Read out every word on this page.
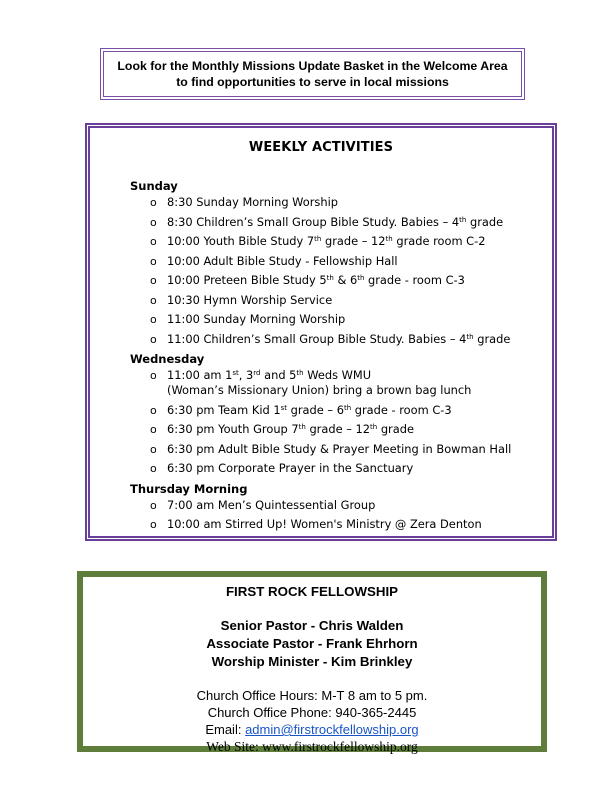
Look for the Monthly Missions Update Basket in the Welcome Area
to find opportunities to serve in local missions
WEEKLY ACTIVITIES
Sunday
o 8:30 Sunday Morning Worship
o 8:30 Children’s Small Group Bible Study. Babies – 4th grade
o 10:00 Youth Bible Study 7th grade – 12th grade room C-2
o 10:00 Adult Bible Study - Fellowship Hall
o 10:00 Preteen Bible Study 5th & 6th grade - room C-3
o 10:30 Hymn Worship Service
o 11:00 Sunday Morning Worship
o 11:00 Children’s Small Group Bible Study. Babies – 4th grade
Wednesday
o 11:00 am 1st, 3rd and 5th Weds WMU
(Woman’s Missionary Union) bring a brown bag lunch
o 6:30 pm Team Kid 1st grade – 6th grade - room C-3
o 6:30 pm Youth Group 7th grade – 12th grade
o 6:30 pm Adult Bible Study & Prayer Meeting in Bowman Hall
o 6:30 pm Corporate Prayer in the Sanctuary
Thursday Morning
o 7:00 am Men’s Quintessential Group
o 10:00 am Stirred Up! Women's Ministry @ Zera Denton
FIRST ROCK FELLOWSHIP
Senior Pastor - Chris Walden
Associate Pastor - Frank Ehrhorn
Worship Minister - Kim Brinkley
Church Office Hours: M-T 8 am to 5 pm.
Church Office Phone: 940-365-2445
Email: admin@firstrockfellowship.org
Web Site: www.firstrockfellowship.org
